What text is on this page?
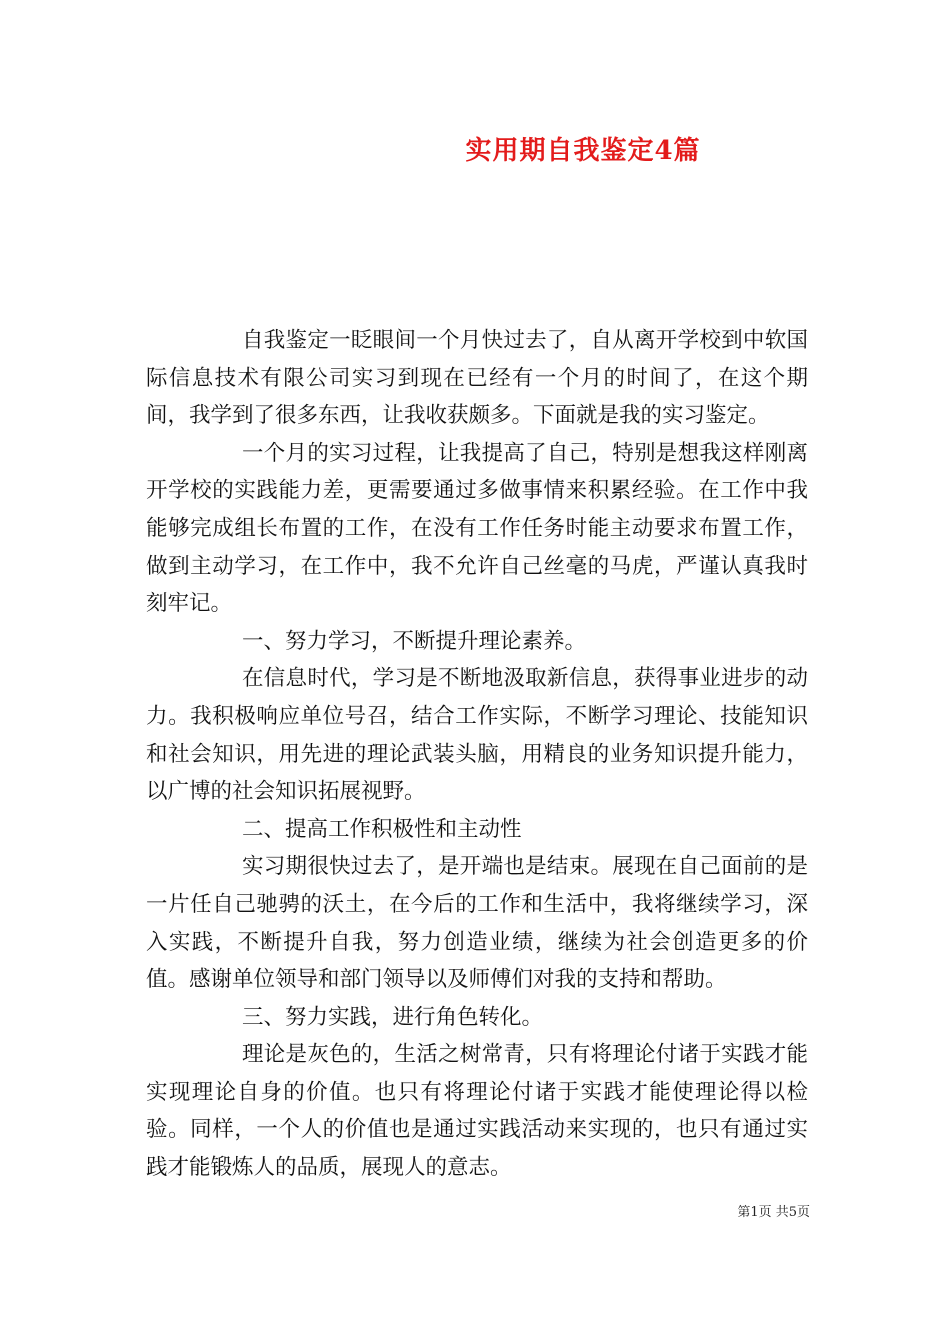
实用期自我鉴定4篇

自我鉴定一眨眼间一个月快过去了，自从离开学校到中软国际信息技术有限公司实习到现在已经有一个月的时间了，在这个期间，我学到了很多东西，让我收获颇多。下面就是我的实习鉴定。

一个月的实习过程，让我提高了自己，特别是想我这样刚离开学校的实践能力差，更需要通过多做事情来积累经验。在工作中我能够完成组长布置的工作，在没有工作任务时能主动要求布置工作，做到主动学习，在工作中，我不允许自己丝毫的马虎，严谨认真我时刻牢记。

一、努力学习，不断提升理论素养。

在信息时代，学习是不断地汲取新信息，获得事业进步的动力。我积极响应单位号召，结合工作实际，不断学习理论、技能知识和社会知识，用先进的理论武装头脑，用精良的业务知识提升能力，以广博的社会知识拓展视野。

二、提高工作积极性和主动性

实习期很快过去了，是开端也是结束。展现在自己面前的是一片任自己驰骋的沃土，在今后的工作和生活中，我将继续学习，深入实践，不断提升自我，努力创造业绩，继续为社会创造更多的价值。感谢单位领导和部门领导以及师傅们对我的支持和帮助。

三、努力实践，进行角色转化。

理论是灰色的，生活之树常青，只有将理论付诸于实践才能实现理论自身的价值。也只有将理论付诸于实践才能使理论得以检验。同样，一个人的价值也是通过实践活动来实现的，也只有通过实践才能锻炼人的品质，展现人的意志。

第1页 共5页
